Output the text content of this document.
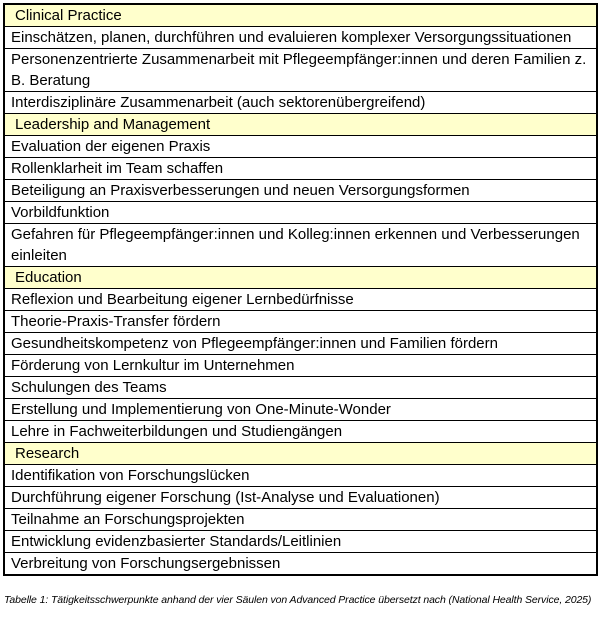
Clinical Practice
Einschätzen, planen, durchführen und evaluieren komplexer Versorgungssituationen
Personenzentrierte Zusammenarbeit mit Pflegeempfänger:innen und deren Familien z. B. Beratung
Interdisziplinäre Zusammenarbeit (auch sektorenübergreifend)
Leadership and Management
Evaluation der eigenen Praxis
Rollenklarheit im Team schaffen
Beteiligung an Praxisverbesserungen und neuen Versorgungsformen
Vorbildfunktion
Gefahren für Pflegeempfänger:innen und Kolleg:innen erkennen und Verbesserungen einleiten
Education
Reflexion und Bearbeitung eigener Lernbedürfnisse
Theorie-Praxis-Transfer fördern
Gesundheitskompetenz von Pflegeempfänger:innen und Familien fördern
Förderung von Lernkultur im Unternehmen
Schulungen des Teams
Erstellung und Implementierung von One-Minute-Wonder
Lehre in Fachweiterbildungen und Studiengängen
Research
Identifikation von Forschungslücken
Durchführung eigener Forschung (Ist-Analyse und Evaluationen)
Teilnahme an Forschungsprojekten
Entwicklung evidenzbasierter Standards/Leitlinien
Verbreitung von Forschungsergebnissen
Tabelle 1: Tätigkeitsschwerpunkte anhand der vier Säulen von Advanced Practice übersetzt nach (National Health Service, 2025)
